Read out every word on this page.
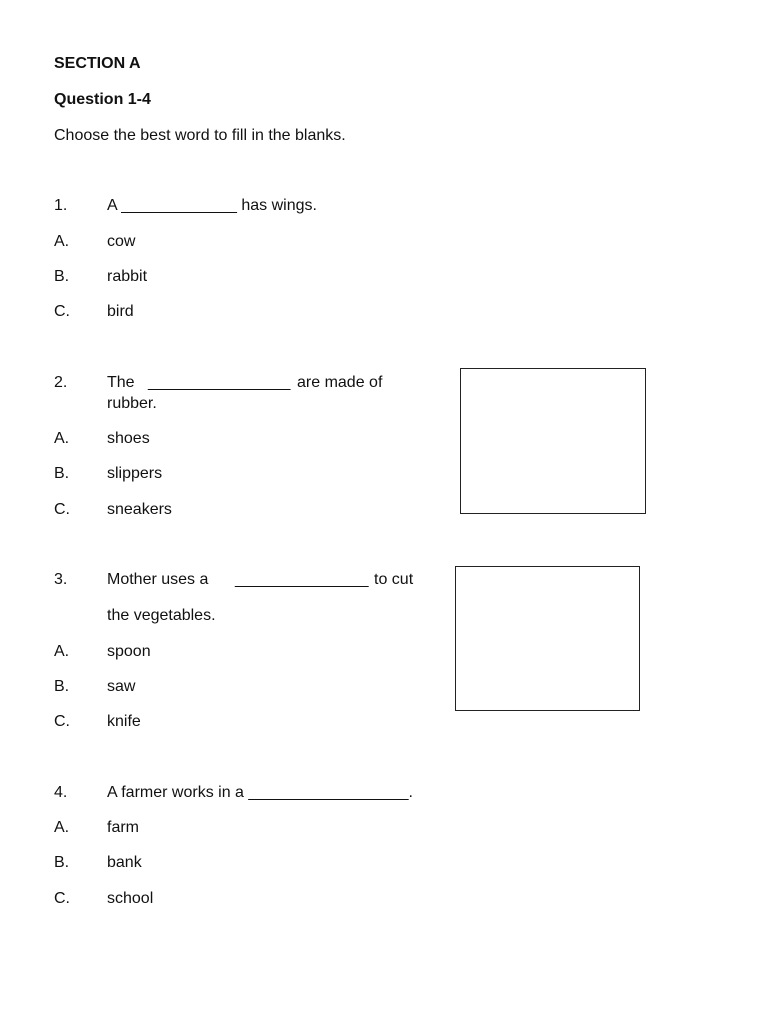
SECTION A
Question 1-4
Choose the best word to fill in the blanks.
1. A _____________ has wings.
A. cow
B. rabbit
C. bird
2. The ________________ are made of
rubber.
A. shoes
B. slippers
C. sneakers
3. Mother uses a _______________ to cut
the vegetables.
A. spoon
B. saw
C. knife
4. A farmer works in a __________________.
A. farm
B. bank
C. school
